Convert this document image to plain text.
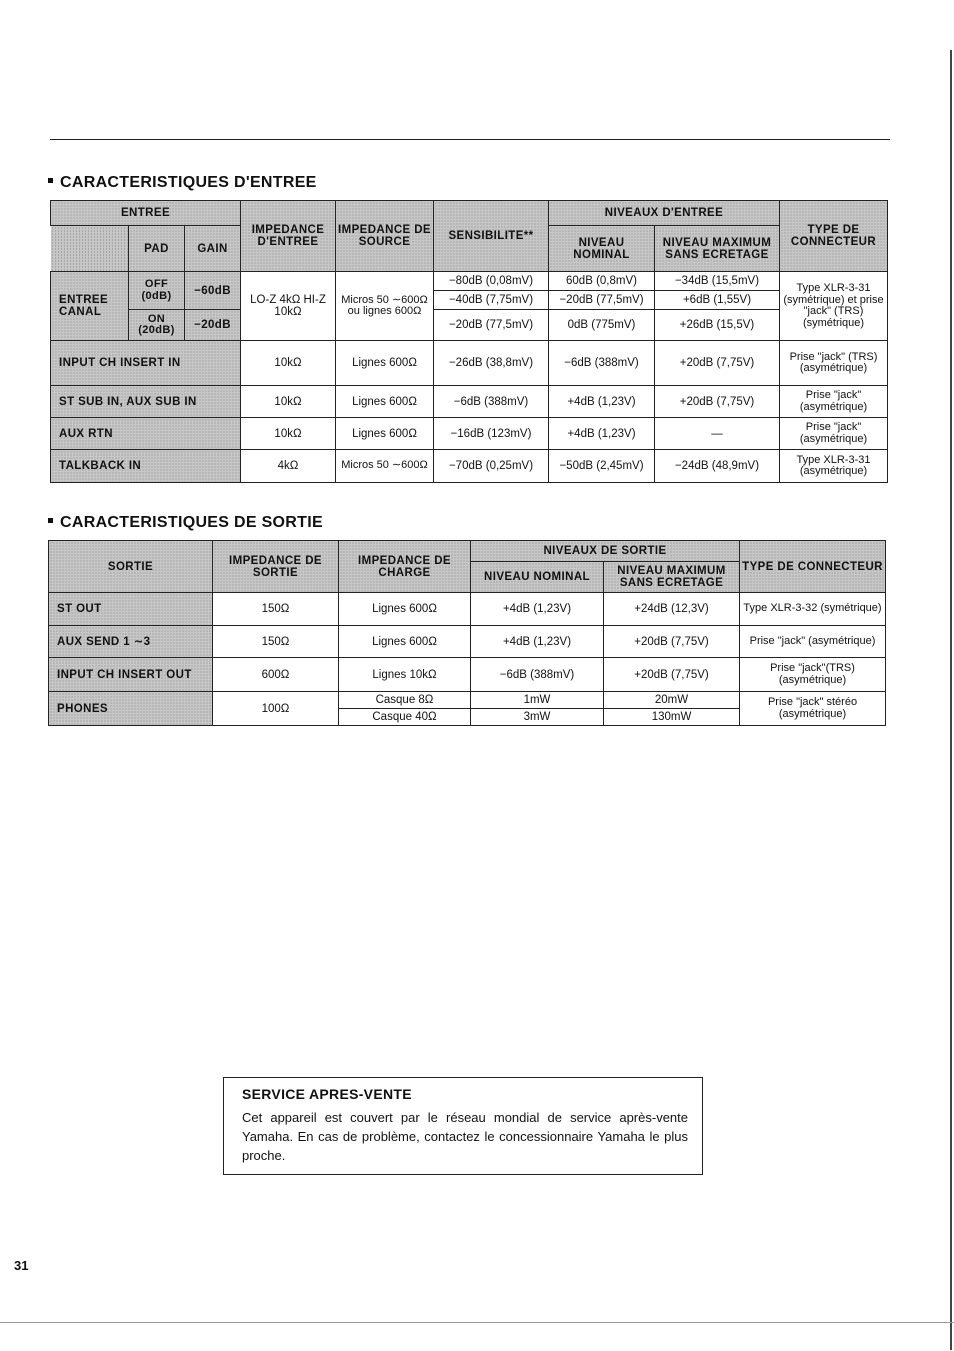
CARACTERISTIQUES D'ENTREE
ENTREE			IMPEDANCE D'ENTREE	IMPEDANCE DE SOURCE	SENSIBILITE**	NIVEAUX D'ENTREE		TYPE DE CONNECTEUR
	PAD	GAIN				NIVEAU NOMINAL	NIVEAU MAXIMUM SANS ECRETAGE	
ENTREE CANAL	OFF (0dB)	−60dB	LO-Z 4kΩ HI-Z 10kΩ	Micros 50 ∼600Ω ou lignes 600Ω	−80dB (0,08mV)	60dB (0,8mV)	−34dB (15,5mV)	Type XLR-3-31 (symétrique) et prise "jack" (TRS) (symétrique)
					−40dB (7,75mV)	−20dB (77,5mV)	+6dB (1,55V)	
	ON (20dB)	−20dB			−20dB (77,5mV)	0dB (775mV)	+26dB (15,5V)	
INPUT CH INSERT IN			10kΩ	Lignes 600Ω	−26dB (38,8mV)	−6dB (388mV)	+20dB (7,75V)	Prise "jack" (TRS) (asymétrique)
ST SUB IN, AUX SUB IN			10kΩ	Lignes 600Ω	−6dB (388mV)	+4dB (1,23V)	+20dB (7,75V)	Prise "jack" (asymétrique)
AUX RTN			10kΩ	Lignes 600Ω	−16dB (123mV)	+4dB (1,23V)	—	Prise "jack" (asymétrique)
TALKBACK IN			4kΩ	Micros 50 ∼600Ω	−70dB (0,25mV)	−50dB (2,45mV)	−24dB (48,9mV)	Type XLR-3-31 (asymétrique)
CARACTERISTIQUES DE SORTIE
SORTIE	IMPEDANCE DE SORTIE	IMPEDANCE DE CHARGE	NIVEAUX DE SORTIE		TYPE DE CONNECTEUR
			NIVEAU NOMINAL	NIVEAU MAXIMUM SANS ECRETAGE	
ST OUT	150Ω	Lignes 600Ω	+4dB (1,23V)	+24dB (12,3V)	Type XLR-3-32 (symétrique)
AUX SEND 1 ∼3	150Ω	Lignes 600Ω	+4dB (1,23V)	+20dB (7,75V)	Prise "jack" (asymétrique)
INPUT CH INSERT OUT	600Ω	Lignes 10kΩ	−6dB (388mV)	+20dB (7,75V)	Prise "jack"(TRS) (asymétrique)
PHONES	100Ω	Casque 8Ω	1mW	20mW	Prise "jack" stéréo (asymétrique)
		Casque 40Ω	3mW	130mW	
SERVICE APRES-VENTE

Cet appareil est couvert par le réseau mondial de service après-vente Yamaha. En cas de problème, contactez le concessionnaire Yamaha le plus proche.

31
